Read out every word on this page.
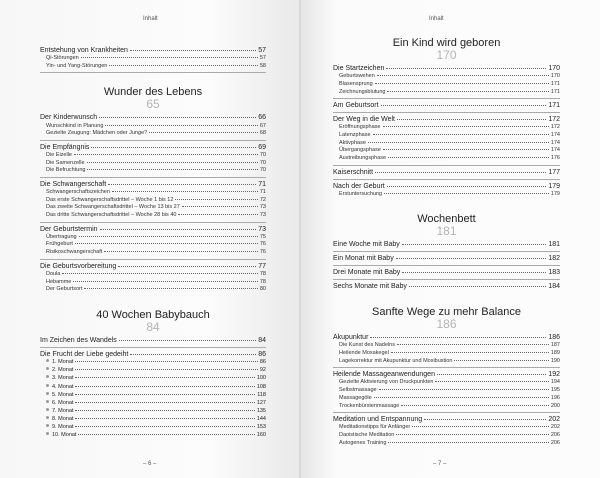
Inhalt
Entstehung von Krankheiten	57
Qi-Störungen	57
Yin- und Yang-Störungen	58
Wunder des Lebens
65
Der Kinderwunsch	66
Wunschkind in Planung	67
Gezielte Zeugung: Mädchen oder Junge?	68
Die Empfängnis	69
Die Eizelle	70
Die Samenzelle	70
Die Befruchtung	70
Die Schwangerschaft	71
Schwangerschaftszeichen	71
Das erste Schwangerschaftsdrittel – Woche 1 bis 12	72
Das zweite Schwangerschaftsdrittel – Woche 13 bis 27	73
Das dritte Schwangerschaftsdrittel – Woche 28 bis 40	73
Der Geburtstermin	73
Übertragung	75
Frühgeburt	76
Risikoschwangerschaft	76
Die Geburtsvorbereitung	77
Doula	78
Hebamme	78
Der Geburtsort	80
40 Wochen Babybauch
84
Im Zeichen des Wandels	84
Die Frucht der Liebe gedeiht	86
1. Monat	86
2. Monat	92
3. Monat	100
4. Monat	108
5. Monat	118
6. Monat	127
7. Monat	135
8. Monat	144
9. Monat	153
10. Monat	160
– 6 –
Inhalt
Ein Kind wird geboren
170
Die Startzeichen	170
Geburtswehen	170
Blasensprung	171
Zeichnungsblutung	171
Am Geburtsort	171
Der Weg in die Welt	172
Eröffnungsphase	172
Latenzphase	174
Aktivphase	174
Übergangsphase	174
Austreibungsphase	176
Kaiserschnitt	177
Nach der Geburt	179
Erstuntersuchung	179
Wochenbett
181
Eine Woche mit Baby	181
Ein Monat mit Baby	182
Drei Monate mit Baby	183
Sechs Monate mit Baby	184
Sanfte Wege zu mehr Balance
186
Akupunktur	186
Die Kunst des Nadelns	187
Heilende Moxakegel	189
Lagekorrektur mit Akupunktur und Moxibustion	190
Heilende Massageanwendungen	192
Gezielte Aktivierung von Druckpunkten	194
Selbstmassage	195
Massagegöle	196
Trockenbürstenmassage	200
Meditation und Entspannung	202
Meditationstipps für Anfänger	202
Daoistische Meditation	206
Autogenes Training	206
– 7 –
